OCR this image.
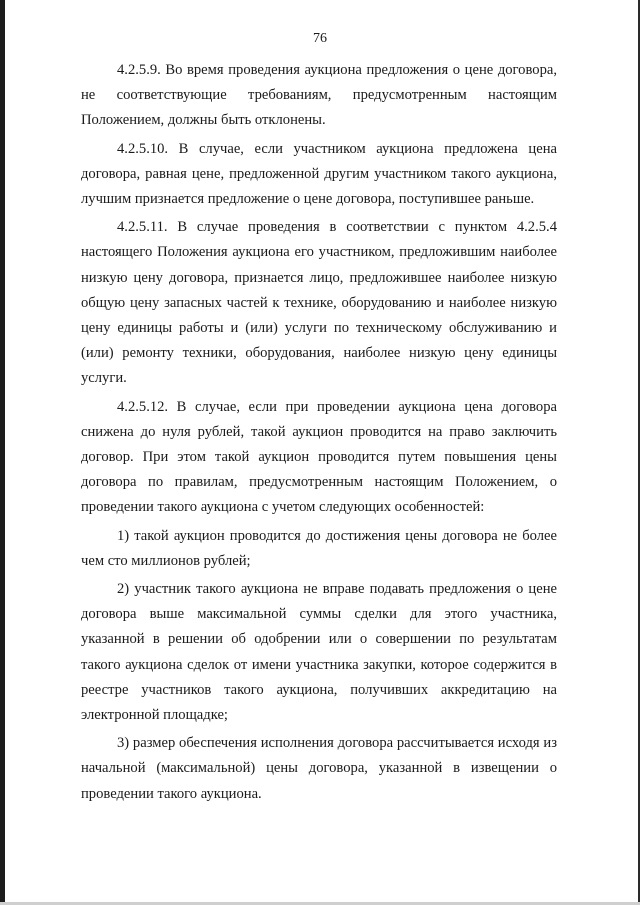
76

4.2.5.9. Во время проведения аукциона предложения о цене договора, не соответствующие требованиям, предусмотренным настоящим Положением, должны быть отклонены.

4.2.5.10. В случае, если участником аукциона предложена цена договора, равная цене, предложенной другим участником такого аукциона, лучшим признается предложение о цене договора, поступившее раньше.

4.2.5.11. В случае проведения в соответствии с пунктом 4.2.5.4 настоящего Положения аукциона его участником, предложившим наиболее низкую цену договора, признается лицо, предложившее наиболее низкую общую цену запасных частей к технике, оборудованию и наиболее низкую цену единицы работы и (или) услуги по техническому обслуживанию и (или) ремонту техники, оборудования, наиболее низкую цену единицы услуги.

4.2.5.12. В случае, если при проведении аукциона цена договора снижена до нуля рублей, такой аукцион проводится на право заключить договор. При этом такой аукцион проводится путем повышения цены договора по правилам, предусмотренным настоящим Положением, о проведении такого аукциона с учетом следующих особенностей:

1) такой аукцион проводится до достижения цены договора не более чем сто миллионов рублей;

2) участник такого аукциона не вправе подавать предложения о цене договора выше максимальной суммы сделки для этого участника, указанной в решении об одобрении или о совершении по результатам такого аукциона сделок от имени участника закупки, которое содержится в реестре участников такого аукциона, получивших аккредитацию на электронной площадке;

3) размер обеспечения исполнения договора рассчитывается исходя из начальной (максимальной) цены договора, указанной в извещении о проведении такого аукциона.
